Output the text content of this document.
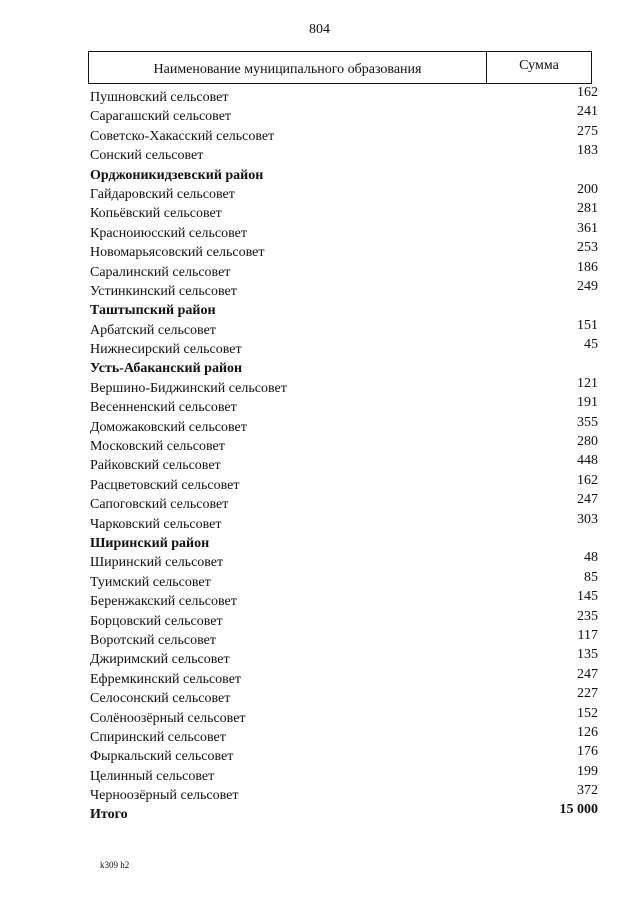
804
Наименование муниципального образования	Сумма
Пушновский сельсовет	162
Сарагашский сельсовет	241
Советско-Хакасский сельсовет	275
Сонский сельсовет	183
Орджоникидзевский район
Гайдаровский сельсовет	200
Копьёвский сельсовет	281
Красноиюсский сельсовет	361
Новомарьясовский сельсовет	253
Саралинский сельсовет	186
Устинкинский сельсовет	249
Таштыпский район
Арбатский сельсовет	151
Нижнесирский сельсовет	45
Усть-Абаканский район
Вершино-Биджинский сельсовет	121
Весенненский сельсовет	191
Доможаковский сельсовет	355
Московский сельсовет	280
Райковский сельсовет	448
Расцветовский сельсовет	162
Сапоговский сельсовет	247
Чарковский сельсовет	303
Ширинский район
Ширинский сельсовет	48
Туимский сельсовет	85
Беренжакский сельсовет	145
Борцовский сельсовет	235
Воротский сельсовет	117
Джиримский сельсовет	135
Ефремкинский сельсовет	247
Селосонский сельсовет	227
Солёноозёрный сельсовет	152
Спиринский сельсовет	126
Фыркальский сельсовет	176
Целинный сельсовет	199
Черноозёрный сельсовет	372
Итого	15 000
k309 h2
